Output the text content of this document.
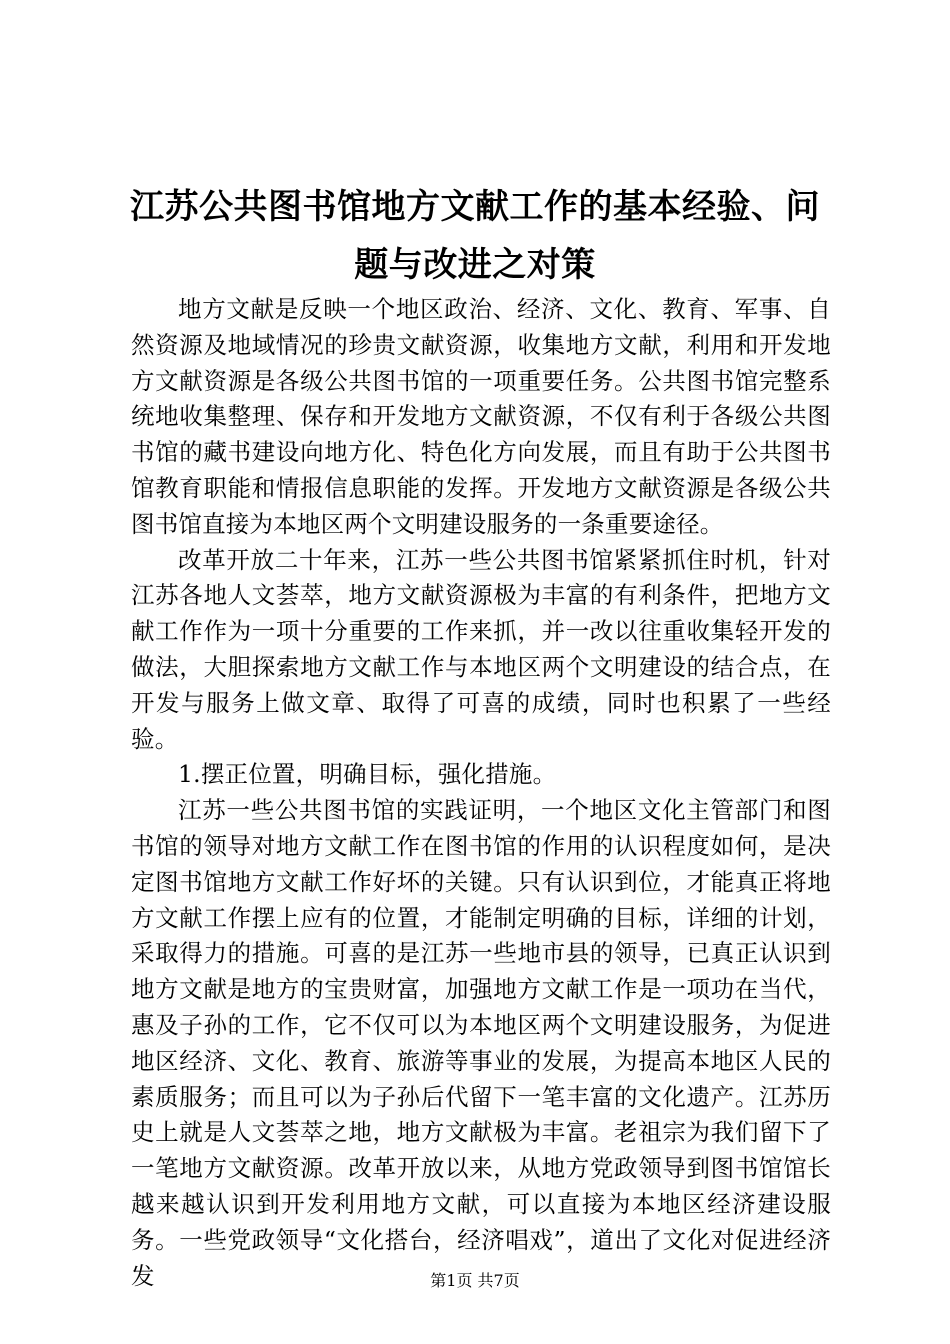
江苏公共图书馆地方文献工作的基本经验、问题与改进之对策

地方文献是反映一个地区政治、经济、文化、教育、军事、自然资源及地域情况的珍贵文献资源，收集地方文献，利用和开发地方文献资源是各级公共图书馆的一项重要任务。公共图书馆完整系统地收集整理、保存和开发地方文献资源，不仅有利于各级公共图书馆的藏书建设向地方化、特色化方向发展，而且有助于公共图书馆教育职能和情报信息职能的发挥。开发地方文献资源是各级公共图书馆直接为本地区两个文明建设服务的一条重要途径。

改革开放二十年来，江苏一些公共图书馆紧紧抓住时机，针对江苏各地人文荟萃，地方文献资源极为丰富的有利条件，把地方文献工作作为一项十分重要的工作来抓，并一改以往重收集轻开发的做法，大胆探索地方文献工作与本地区两个文明建设的结合点，在开发与服务上做文章、取得了可喜的成绩，同时也积累了一些经验。

1.摆正位置，明确目标，强化措施。

江苏一些公共图书馆的实践证明，一个地区文化主管部门和图书馆的领导对地方文献工作在图书馆的作用的认识程度如何，是决定图书馆地方文献工作好坏的关键。只有认识到位，才能真正将地方文献工作摆上应有的位置，才能制定明确的目标，详细的计划，采取得力的措施。可喜的是江苏一些地市县的领导，已真正认识到地方文献是地方的宝贵财富，加强地方文献工作是一项功在当代，惠及子孙的工作，它不仅可以为本地区两个文明建设服务，为促进地区经济、文化、教育、旅游等事业的发展，为提高本地区人民的素质服务；而且可以为子孙后代留下一笔丰富的文化遗产。江苏历史上就是人文荟萃之地，地方文献极为丰富。老祖宗为我们留下了一笔地方文献资源。改革开放以来，从地方党政领导到图书馆馆长越来越认识到开发利用地方文献，可以直接为本地区经济建设服务。一些党政领导“文化搭台，经济唱戏”，道出了文化对促进经济发	第1页 共7页
